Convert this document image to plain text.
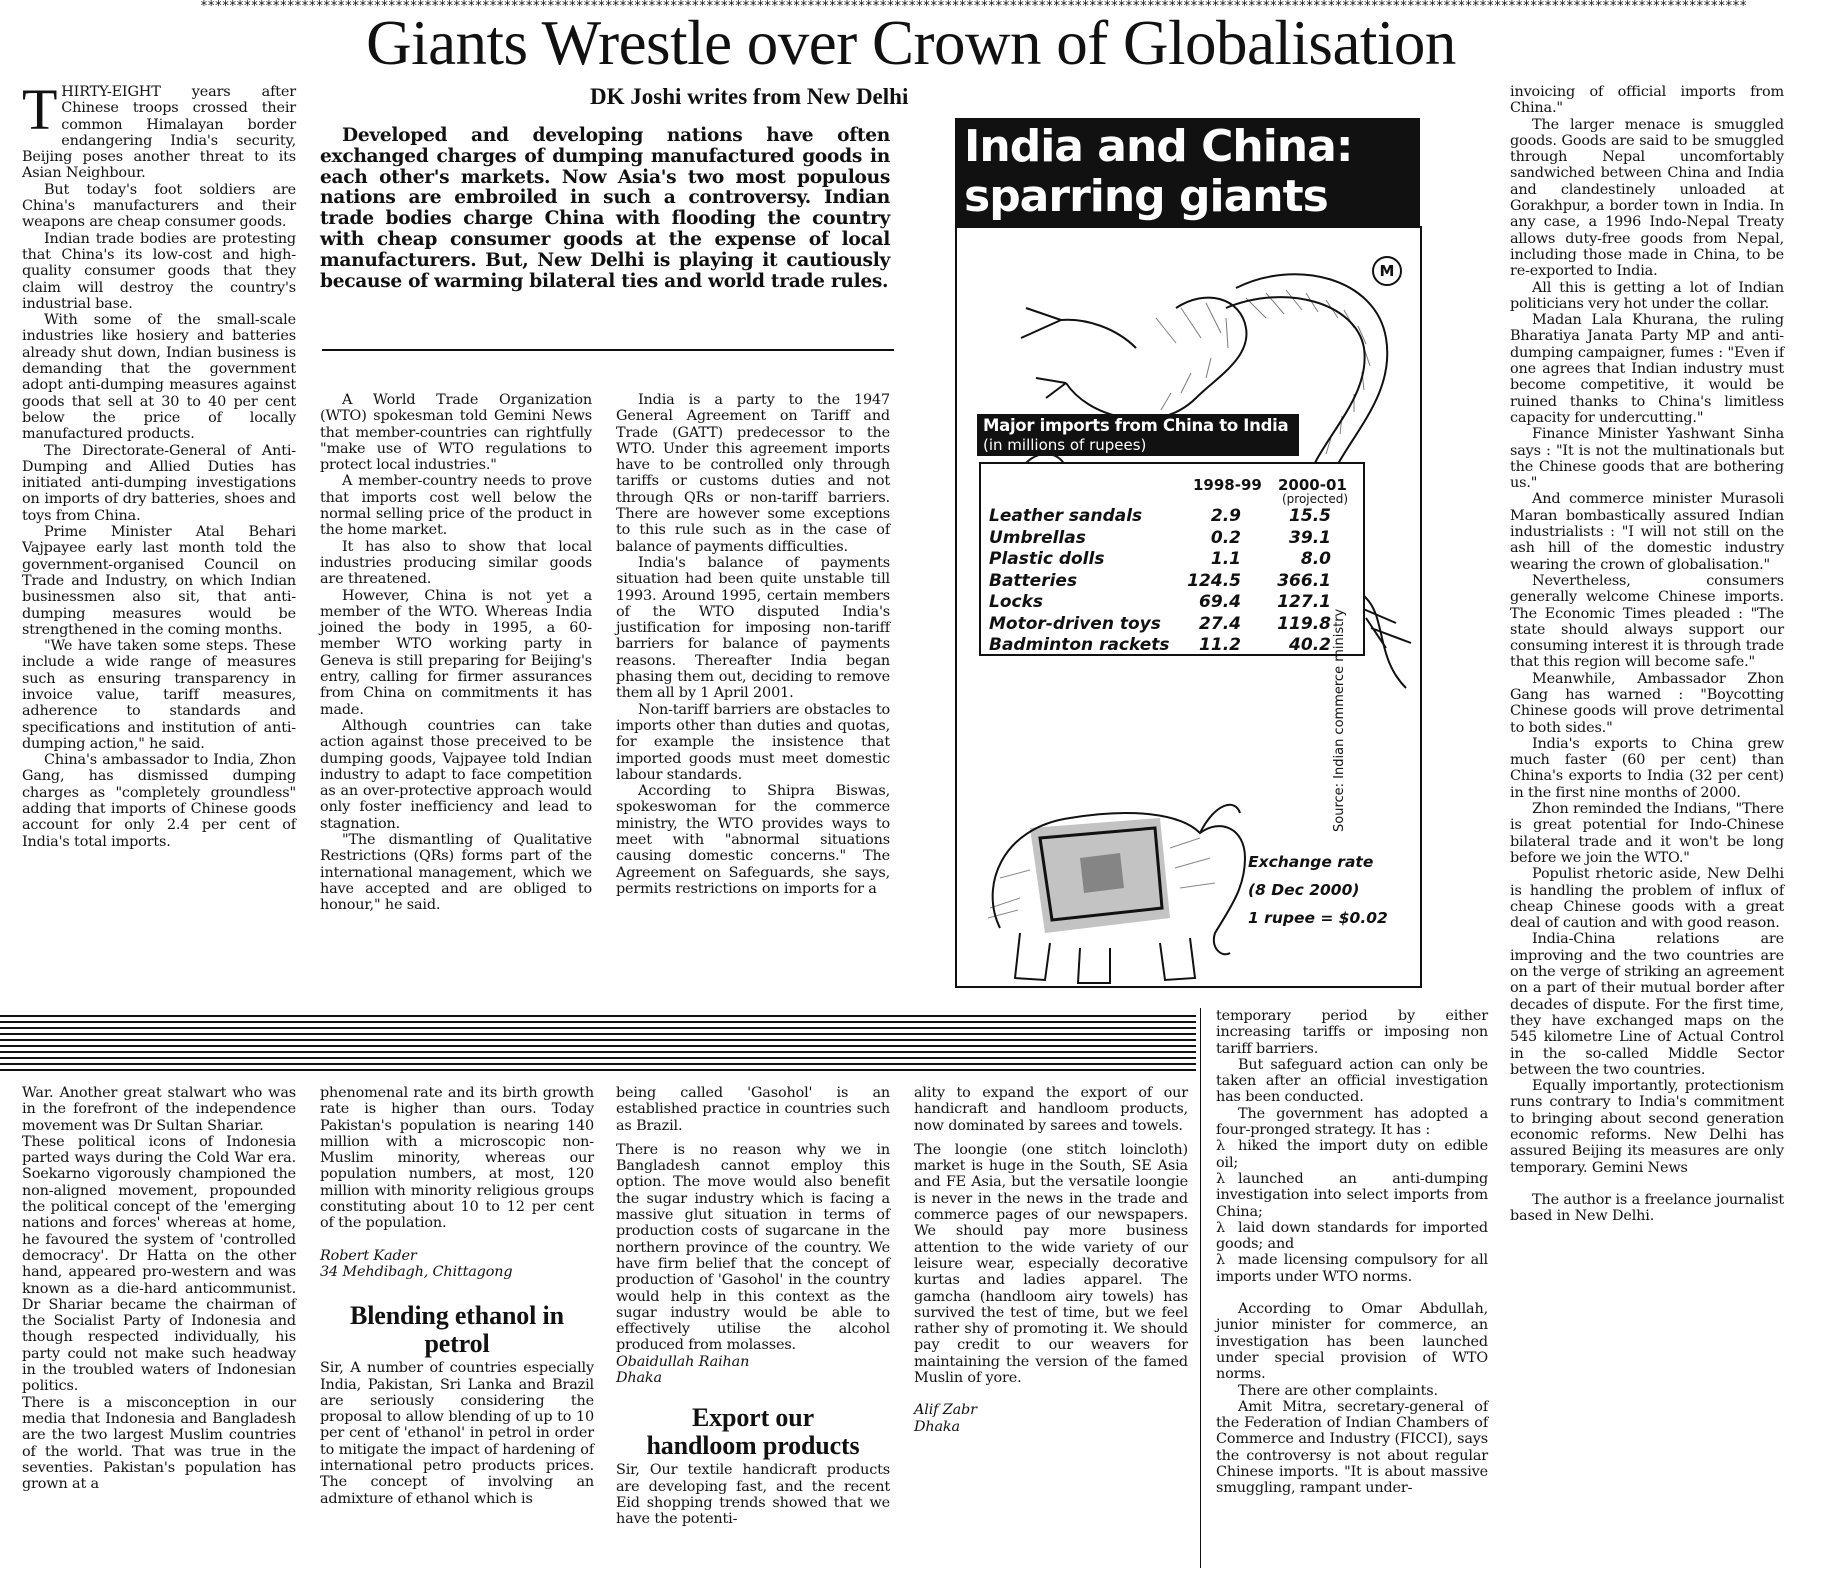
**********************************************************************************************************************************************************************************************************************
Giants Wrestle over Crown of Globalisation
DK Joshi writes from New Delhi

THIRTY-EIGHT years after Chinese troops crossed their common Himalayan border endangering India's security, Beijing poses another threat to its Asian Neighbour.

But today's foot soldiers are China's manufacturers and their weapons are cheap consumer goods.

Indian trade bodies are protesting that China's its low-cost and high-quality consumer goods that they claim will destroy the country's industrial base.

With some of the small-scale industries like hosiery and batteries already shut down, Indian business is demanding that the government adopt anti-dumping measures against goods that sell at 30 to 40 per cent below the price of locally manufactured products.

The Directorate-General of Anti-Dumping and Allied Duties has initiated anti-dumping investigations on imports of dry batteries, shoes and toys from China.

Prime Minister Atal Behari Vajpayee early last month told the government-organised Council on Trade and Industry, on which Indian businessmen also sit, that anti-dumping measures would be strengthened in the coming months.

"We have taken some steps. These include a wide range of measures such as ensuring transparency in invoice value, tariff measures, adherence to standards and specifications and institution of anti-dumping action," he said.

China's ambassador to India, Zhon Gang, has dismissed dumping charges as "completely groundless" adding that imports of Chinese goods account for only 2.4 per cent of India's total imports.

Developed and developing nations have often exchanged charges of dumping manufactured goods in each other's markets. Now Asia's two most populous nations are embroiled in such a controversy. Indian trade bodies charge China with flooding the country with cheap consumer goods at the expense of local manufacturers. But, New Delhi is playing it cautiously because of warming bilateral ties and world trade rules.

A World Trade Organization (WTO) spokesman told Gemini News that member-countries can rightfully "make use of WTO regulations to protect local industries."

A member-country needs to prove that imports cost well below the normal selling price of the product in the home market.

It has also to show that local industries producing similar goods are threatened.

However, China is not yet a member of the WTO. Whereas India joined the body in 1995, a 60-member WTO working party in Geneva is still preparing for Beijing's entry, calling for firmer assurances from China on commitments it has made.

Although countries can take action against those preceived to be dumping goods, Vajpayee told Indian industry to adapt to face competition as an over-protective approach would only foster inefficiency and lead to stagnation.

"The dismantling of Qualitative Restrictions (QRs) forms part of the international management, which we have accepted and are obliged to honour," he said.

India is a party to the 1947 General Agreement on Tariff and Trade (GATT) predecessor to the WTO. Under this agreement imports have to be controlled only through tariffs or customs duties and not through QRs or non-tariff barriers. There are however some exceptions to this rule such as in the case of balance of payments difficulties.

India's balance of payments situation had been quite unstable till 1993. Around 1995, certain members of the WTO disputed India's justification for imposing non-tariff barriers for balance of payments reasons. Thereafter India began phasing them out, deciding to remove them all by 1 April 2001.

Non-tariff barriers are obstacles to imports other than duties and quotas, for example the insistence that imported goods must meet domestic labour standards.

According to Shipra Biswas, spokeswoman for the commerce ministry, the WTO provides ways to meet with "abnormal situations causing domestic concerns." The Agreement on Safeguards, she says, permits restrictions on imports for a

India and China:
sparring giants
M
Major imports from China to India
(in millions of rupees)
1998-99 2000-01
(projected)
Leather sandals	2.9	15.5
Umbrellas	0.2	39.1
Plastic dolls	1.1	8.0
Batteries	124.5 366.1
Locks	69.4 127.1
Motor-driven toys 27.4 119.8
Badminton rackets 11.2	40.2 Source: Indian commerce ministry
Exchange rate
(8 Dec 2000)
1 rupee = $0.02

invoicing of official imports from China."

The larger menace is smuggled goods. Goods are said to be smuggled through Nepal uncomfortably sandwiched between China and India and clandestinely unloaded at Gorakhpur, a border town in India. In any case, a 1996 Indo-Nepal Treaty allows duty-free goods from Nepal, including those made in China, to be re-exported to India.

All this is getting a lot of Indian politicians very hot under the collar.

Madan Lala Khurana, the ruling Bharatiya Janata Party MP and anti-dumping campaigner, fumes : "Even if one agrees that Indian industry must become competitive, it would be ruined thanks to China's limitless capacity for undercutting."

Finance Minister Yashwant Sinha says : "It is not the multinationals but the Chinese goods that are bothering us."

And commerce minister Murasoli Maran bombastically assured Indian industrialists : "I will not still on the ash hill of the domestic industry wearing the crown of globalisation."

Nevertheless, consumers generally welcome Chinese imports. The Economic Times pleaded : "The state should always support our consuming interest it is through trade that this region will become safe."

Meanwhile, Ambassador Zhon Gang has warned : "Boycotting Chinese goods will prove detrimental to both sides."

India's exports to China grew much faster (60 per cent) than China's exports to India (32 per cent) in the first nine months of 2000.

Zhon reminded the Indians, "There is great potential for Indo-Chinese bilateral trade and it won't be long before we join the WTO."

Populist rhetoric aside, New Delhi is handling the problem of influx of cheap Chinese goods with a great deal of caution and with good reason.

India-China relations are improving and the two countries are on the verge of striking an agreement on a part of their mutual border after decades of dispute. For the first time, they have exchanged maps on the 545 kilometre Line of Actual Control in the so-called Middle Sector between the two countries.

Equally importantly, protectionism runs contrary to India's commitment to bringing about second generation economic reforms. New Delhi has assured Beijing its measures are only temporary. Gemini News

The author is a freelance journalist based in New Delhi.

temporary period by either increasing tariffs or imposing non tariff barriers.

But safeguard action can only be taken after an official investigation has been conducted.

The government has adopted a four-pronged strategy. It has :

λ hiked the import duty on edible oil;

λ launched an anti-dumping investigation into select imports from China;

λ laid down standards for imported goods; and

λ made licensing compulsory for all imports under WTO norms.

According to Omar Abdullah, junior minister for commerce, an investigation has been launched under special provision of WTO norms.

There are other complaints.

Amit Mitra, secretary-general of the Federation of Indian Chambers of Commerce and Industry (FICCI), says the controversy is not about regular Chinese imports. "It is about massive smuggling, rampant under-

War. Another great stalwart who was in the forefront of the independence movement was Dr Sultan Shariar.

These political icons of Indonesia parted ways during the Cold War era. Soekarno vigorously championed the non-aligned movement, propounded the political concept of the 'emerging nations and forces' whereas at home, he favoured the system of 'controlled democracy'. Dr Hatta on the other hand, appeared pro-western and was known as a die-hard anticommunist. Dr Shariar became the chairman of the Socialist Party of Indonesia and though respected individually, his party could not make such headway in the troubled waters of Indonesian politics.

There is a misconception in our media that Indonesia and Bangladesh are the two largest Muslim countries of the world. That was true in the seventies. Pakistan's population has grown at a

phenomenal rate and its birth growth rate is higher than ours. Today Pakistan's population is nearing 140 million with a microscopic non-Muslim minority, whereas our population numbers, at most, 120 million with minority religious groups constituting about 10 to 12 per cent of the population.

Robert Kader

34 Mehdibagh, Chittagong

Blending ethanol in petrol

Sir, A number of countries especially India, Pakistan, Sri Lanka and Brazil are seriously considering the proposal to allow blending of up to 10 per cent of 'ethanol' in petrol in order to mitigate the impact of hardening of international petro products prices. The concept of involving an admixture of ethanol which is

being called 'Gasohol' is an established practice in countries such as Brazil.

There is no reason why we in Bangladesh cannot employ this option. The move would also benefit the sugar industry which is facing a massive glut situation in terms of production costs of sugarcane in the northern province of the country. We have firm belief that the concept of production of 'Gasohol' in the country would help in this context as the sugar industry would be able to effectively utilise the alcohol produced from molasses.

Obaidullah Raihan

Dhaka

Export our handloom products

Sir, Our textile handicraft products are developing fast, and the recent Eid shopping trends showed that we have the potenti-

ality to expand the export of our handicraft and handloom products, now dominated by sarees and towels.

The loongie (one stitch loincloth) market is huge in the South, SE Asia and FE Asia, but the versatile loongie is never in the news in the trade and commerce pages of our newspapers. We should pay more business attention to the wide variety of our leisure wear, especially decorative kurtas and ladies apparel. The gamcha (handloom airy towels) has survived the test of time, but we feel rather shy of promoting it. We should pay credit to our weavers for maintaining the version of the famed Muslin of yore.

Alif Zabr

Dhaka
